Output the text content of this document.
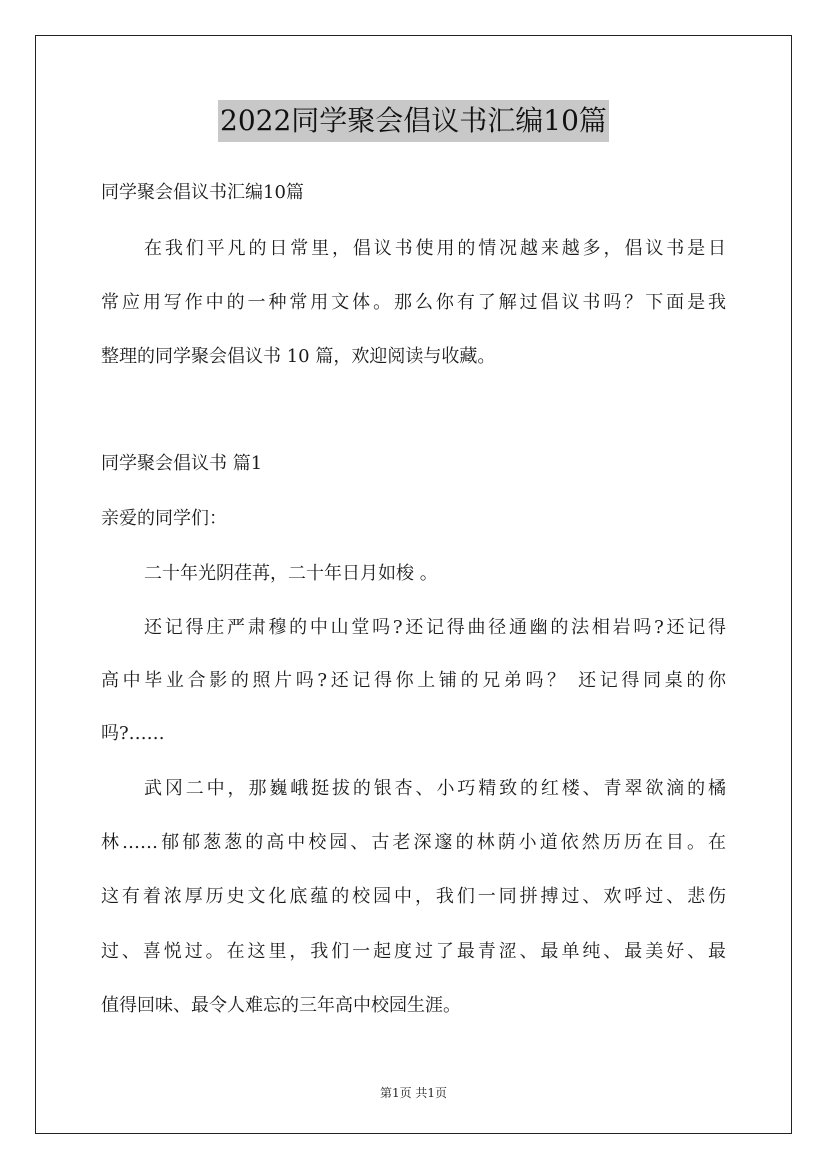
2022同学聚会倡议书汇编10篇
同学聚会倡议书汇编10篇
在我们平凡的日常里，倡议书使用的情况越来越多，倡议书是日
常应用写作中的一种常用文体。那么你有了解过倡议书吗？下面是我
整理的同学聚会倡议书 10 篇，欢迎阅读与收藏。
同学聚会倡议书 篇1
亲爱的同学们：
二十年光阴荏苒，二十年日月如梭 。
还记得庄严肃穆的中山堂吗?还记得曲径通幽的法相岩吗?还记得
高中毕业合影的照片吗?还记得你上铺的兄弟吗？ 还记得同桌的你
吗?……
武冈二中，那巍峨挺拔的银杏、小巧精致的红楼、青翠欲滴的橘
林……郁郁葱葱的高中校园、古老深邃的林荫小道依然历历在目。在
这有着浓厚历史文化底蕴的校园中，我们一同拼搏过、欢呼过、悲伤
过、喜悦过。在这里，我们一起度过了最青涩、最单纯、最美好、最
值得回味、最令人难忘的三年高中校园生涯。
第1页 共1页
